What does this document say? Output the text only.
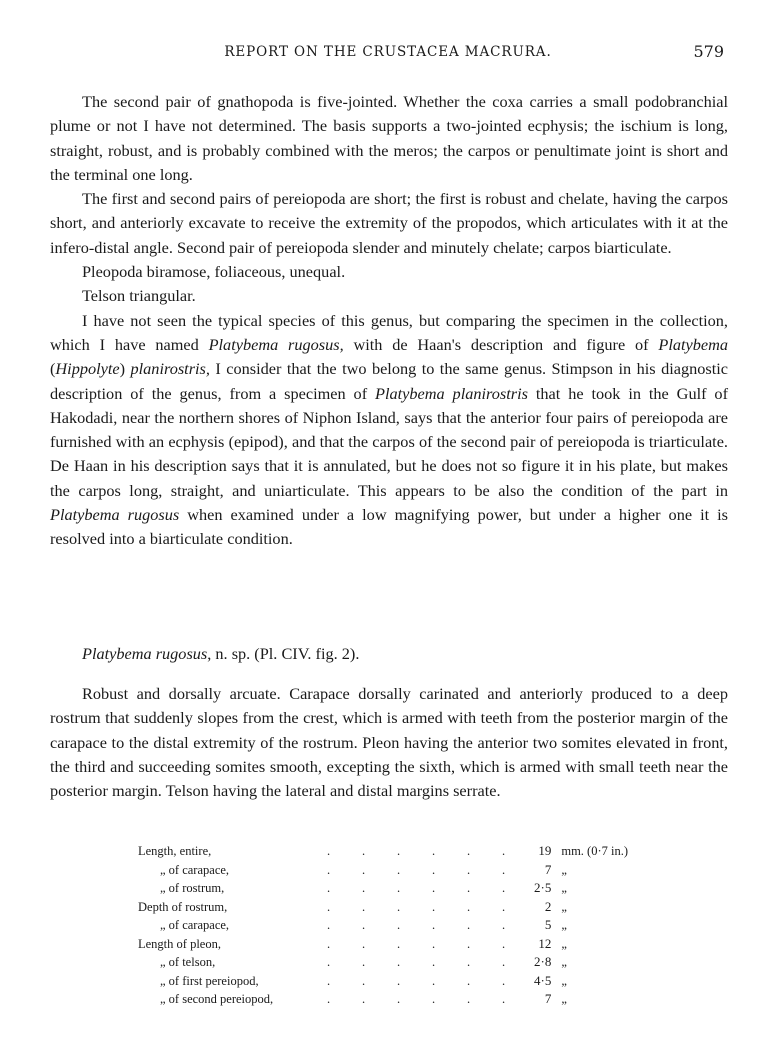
REPORT ON THE CRUSTACEA MACRURA.	579

The second pair of gnathopoda is five-jointed. Whether the coxa carries a small podobranchial plume or not I have not determined. The basis supports a two-jointed ecphysis; the ischium is long, straight, robust, and is probably combined with the meros; the carpos or penultimate joint is short and the terminal one long.

The first and second pairs of pereiopoda are short; the first is robust and chelate, having the carpos short, and anteriorly excavate to receive the extremity of the propodos, which articulates with it at the infero-distal angle. Second pair of pereiopoda slender and minutely chelate; carpos biarticulate.

Pleopoda biramose, foliaceous, unequal.

Telson triangular.

I have not seen the typical species of this genus, but comparing the specimen in the collection, which I have named Platybema rugosus, with de Haan's description and figure of Platybema (Hippolyte) planirostris, I consider that the two belong to the same genus. Stimpson in his diagnostic description of the genus, from a specimen of Platybema planirostris that he took in the Gulf of Hakodadi, near the northern shores of Niphon Island, says that the anterior four pairs of pereiopoda are furnished with an ecphysis (epipod), and that the carpos of the second pair of pereiopoda is triarticulate. De Haan in his description says that it is annulated, but he does not so figure it in his plate, but makes the carpos long, straight, and uniarticulate. This appears to be also the condition of the part in Platybema rugosus when examined under a low magnifying power, but under a higher one it is resolved into a biarticulate condition.

Platybema rugosus, n. sp. (Pl. CIV. fig. 2).

Robust and dorsally arcuate. Carapace dorsally carinated and anteriorly produced to a deep rostrum that suddenly slopes from the crest, which is armed with teeth from the posterior margin of the carapace to the distal extremity of the rostrum. Pleon having the anterior two somites elevated in front, the third and succeeding somites smooth, excepting the sixth, which is armed with small teeth near the posterior margin. Telson having the lateral and distal margins serrate.

Length, entire,	. . . . . .	19	mm. (0·7 in.)
„ of carapace,	. . . . . .	7	„
„ of rostrum,	. . . . . .	2·5	„
Depth of rostrum,	. . . . . .	2	„
„ of carapace,	. . . . . .	5	„
Length of pleon,	. . . . . .	12	„
„ of telson,	. . . . . .	2·8	„
„ of first pereiopod,	. . . . . .	4·5	„
„ of second pereiopod,	. . . . . .	7	„
